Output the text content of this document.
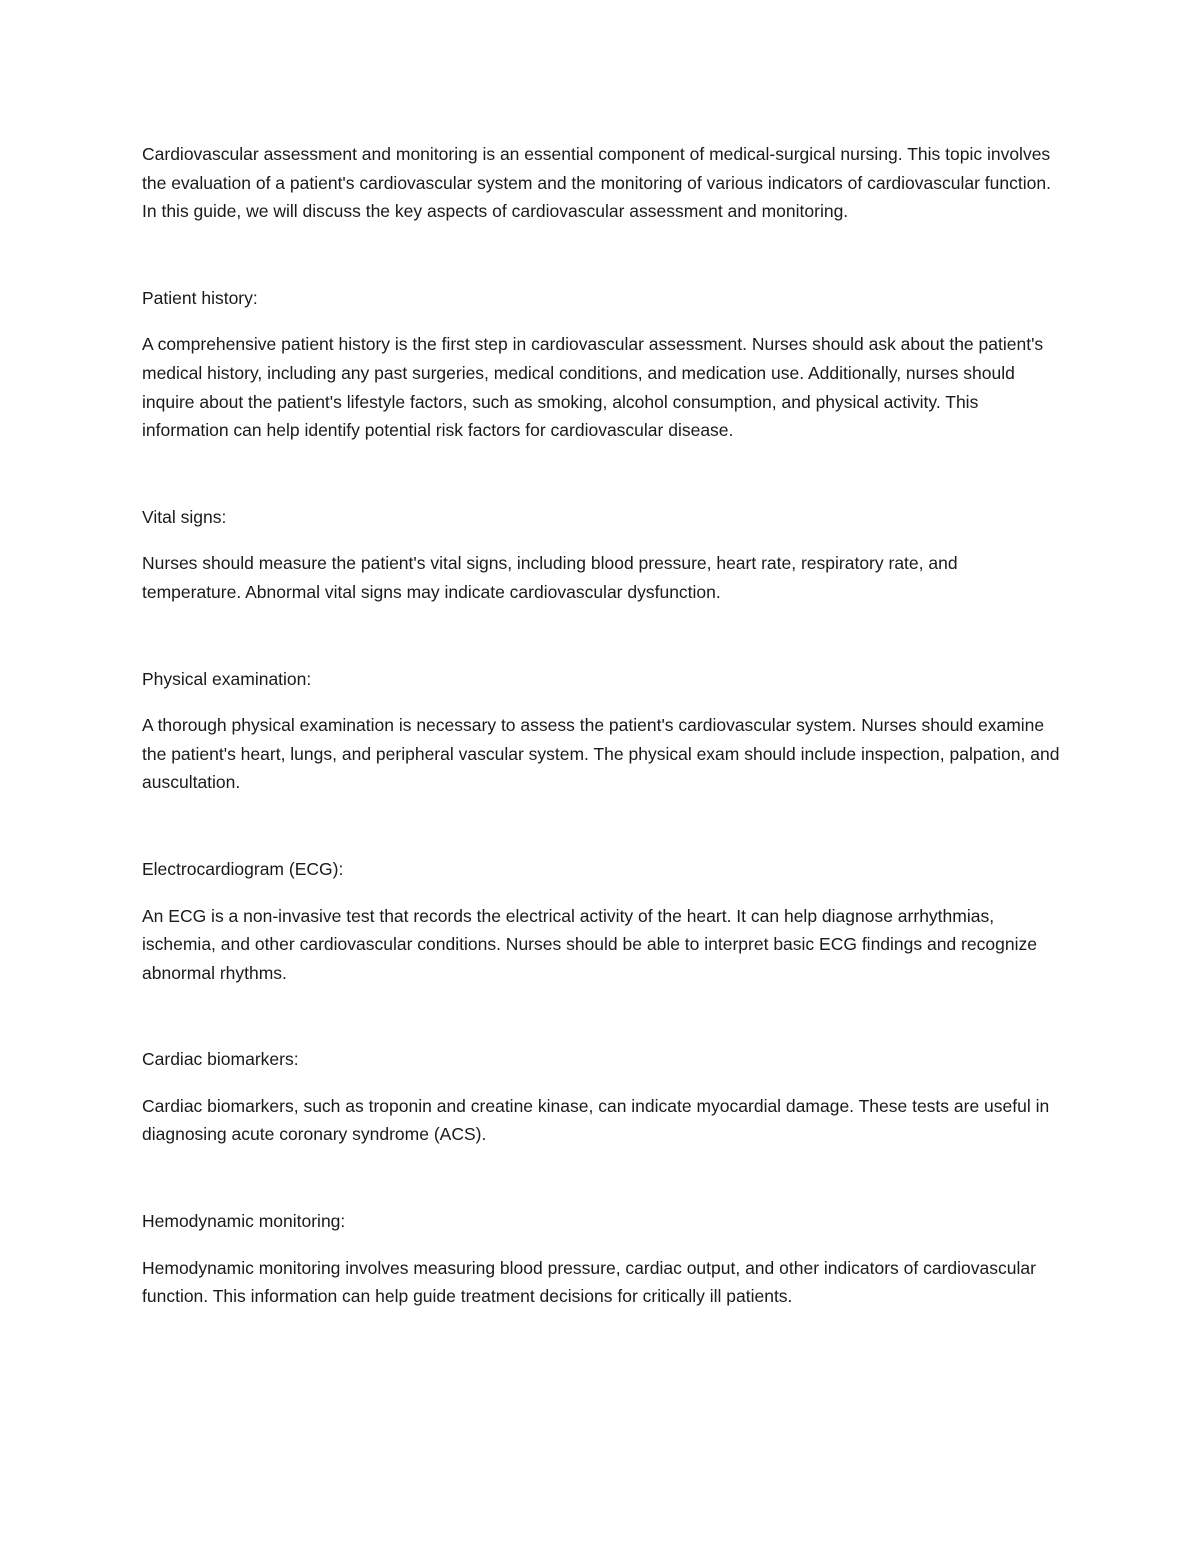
Cardiovascular assessment and monitoring is an essential component of medical-surgical nursing. This topic involves the evaluation of a patient's cardiovascular system and the monitoring of various indicators of cardiovascular function. In this guide, we will discuss the key aspects of cardiovascular assessment and monitoring.

Patient history:

A comprehensive patient history is the first step in cardiovascular assessment. Nurses should ask about the patient's medical history, including any past surgeries, medical conditions, and medication use. Additionally, nurses should inquire about the patient's lifestyle factors, such as smoking, alcohol consumption, and physical activity. This information can help identify potential risk factors for cardiovascular disease.

Vital signs:

Nurses should measure the patient's vital signs, including blood pressure, heart rate, respiratory rate, and temperature. Abnormal vital signs may indicate cardiovascular dysfunction.

Physical examination:

A thorough physical examination is necessary to assess the patient's cardiovascular system. Nurses should examine the patient's heart, lungs, and peripheral vascular system. The physical exam should include inspection, palpation, and auscultation.

Electrocardiogram (ECG):

An ECG is a non-invasive test that records the electrical activity of the heart. It can help diagnose arrhythmias, ischemia, and other cardiovascular conditions. Nurses should be able to interpret basic ECG findings and recognize abnormal rhythms.

Cardiac biomarkers:

Cardiac biomarkers, such as troponin and creatine kinase, can indicate myocardial damage. These tests are useful in diagnosing acute coronary syndrome (ACS).

Hemodynamic monitoring:

Hemodynamic monitoring involves measuring blood pressure, cardiac output, and other indicators of cardiovascular function. This information can help guide treatment decisions for critically ill patients.
